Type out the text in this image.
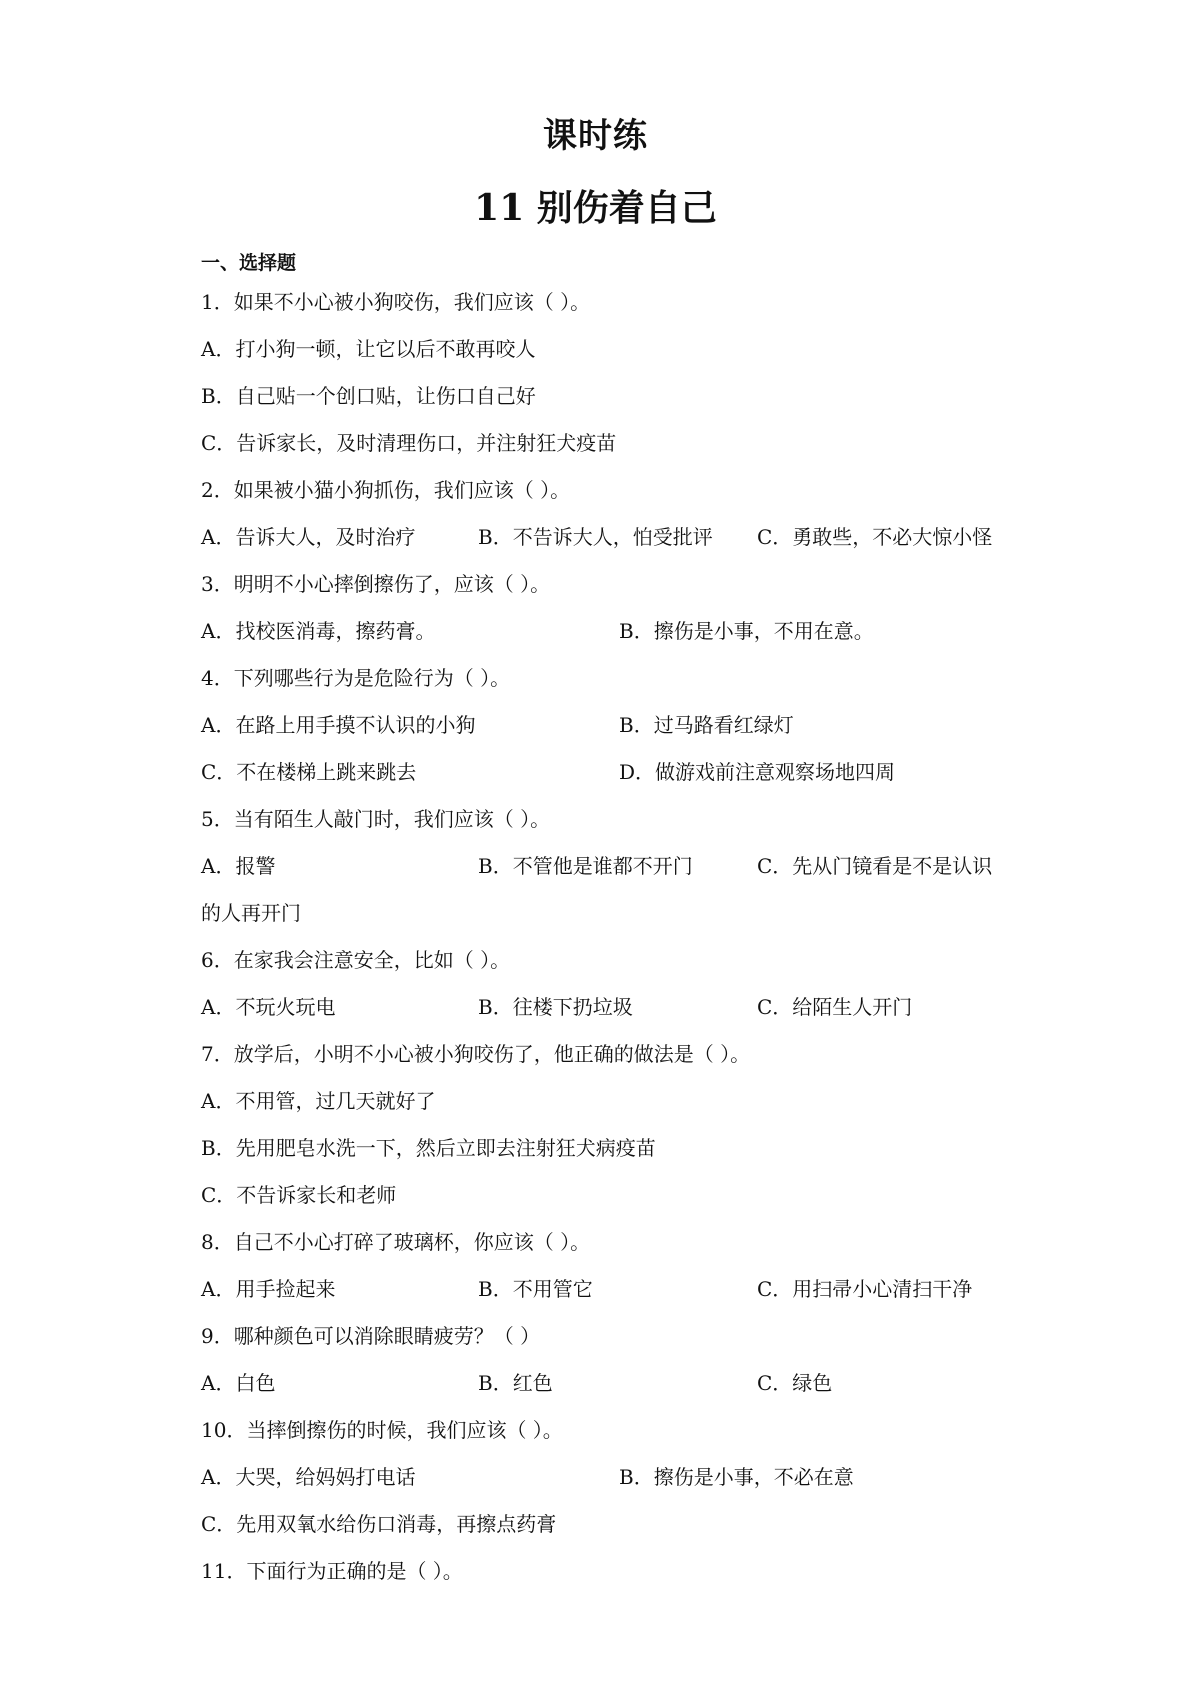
课时练
11 别伤着自己
一、选择题
1．如果不小心被小狗咬伤，我们应该（ ）。
A．打小狗一顿，让它以后不敢再咬人
B．自己贴一个创口贴，让伤口自己好
C．告诉家长，及时清理伤口，并注射狂犬疫苗
2．如果被小猫小狗抓伤，我们应该（ ）。
A．告诉大人，及时治疗	B．不告诉大人，怕受批评 C．勇敢些，不必大惊小怪
3．明明不小心摔倒擦伤了，应该（ ）。
A．找校医消毒，擦药膏。	B．擦伤是小事，不用在意。
4．下列哪些行为是危险行为（ ）。
A．在路上用手摸不认识的小狗	B．过马路看红绿灯
C．不在楼梯上跳来跳去	D．做游戏前注意观察场地四周
5．当有陌生人敲门时，我们应该（ ）。
A．报警	B．不管他是谁都不开门	C．先从门镜看是不是认识
的人再开门
6．在家我会注意安全，比如（ ）。
A．不玩火玩电	B．往楼下扔垃圾	C．给陌生人开门
7．放学后，小明不小心被小狗咬伤了，他正确的做法是（ ）。
A．不用管，过几天就好了
B．先用肥皂水洗一下，然后立即去注射狂犬病疫苗
C．不告诉家长和老师
8．自己不小心打碎了玻璃杯，你应该（ ）。
A．用手捡起来	B．不用管它	C．用扫帚小心清扫干净
9．哪种颜色可以消除眼睛疲劳？（ ）
A．白色	B．红色	C．绿色
10．当摔倒擦伤的时候，我们应该（ ）。
A．大哭，给妈妈打电话	B．擦伤是小事，不必在意
C．先用双氧水给伤口消毒，再擦点药膏
11．下面行为正确的是（ ）。
